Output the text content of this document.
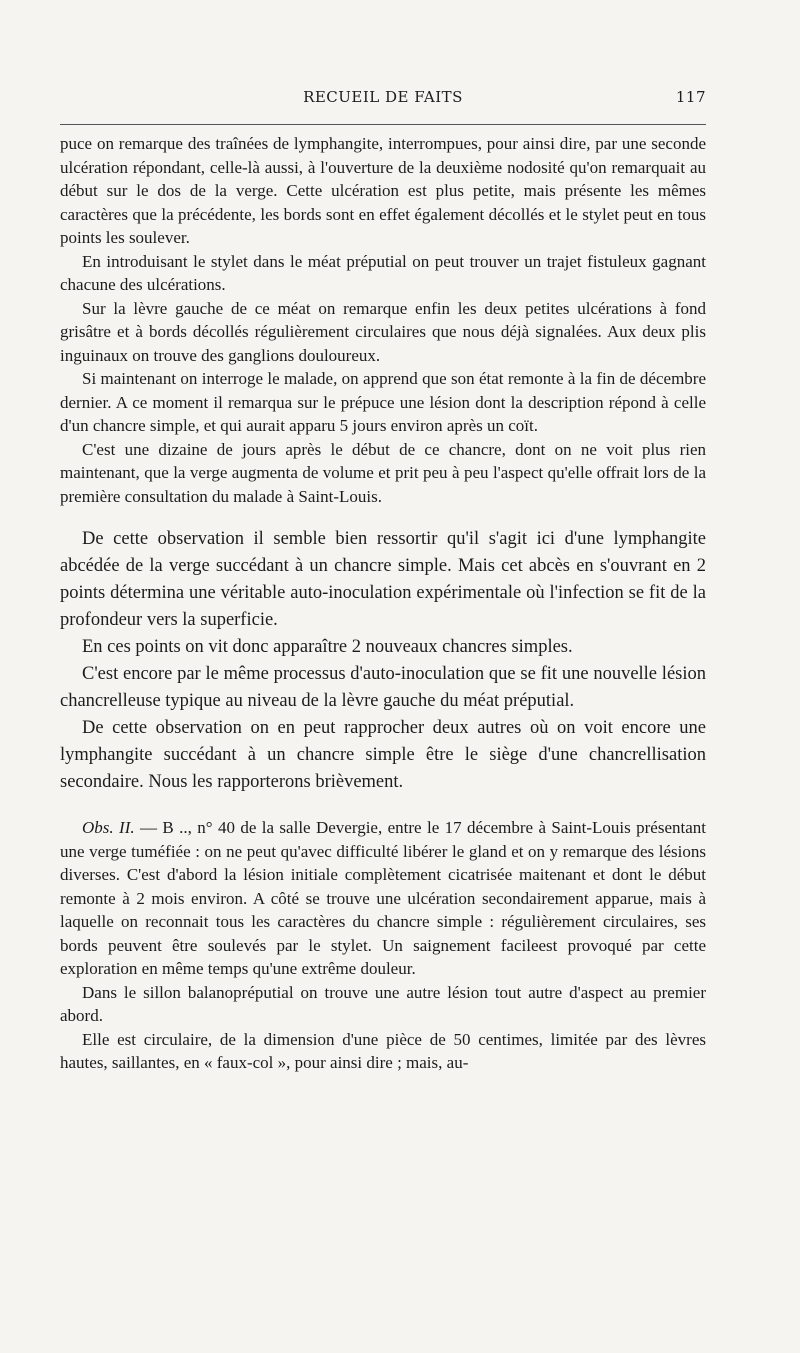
RECUEIL DE FAITS	117

puce on remarque des traînées de lymphangite, interrompues, pour ainsi dire, par une seconde ulcération répondant, celle-là aussi, à l'ouverture de la deuxième nodosité qu'on remarquait au début sur le dos de la verge. Cette ulcération est plus petite, mais présente les mêmes caractères que la précédente, les bords sont en effet également décollés et le stylet peut en tous points les soulever.

En introduisant le stylet dans le méat préputial on peut trouver un trajet fistuleux gagnant chacune des ulcérations.

Sur la lèvre gauche de ce méat on remarque enfin les deux petites ulcérations à fond grisâtre et à bords décollés régulièrement circulaires que nous déjà signalées. Aux deux plis inguinaux on trouve des ganglions douloureux.

Si maintenant on interroge le malade, on apprend que son état remonte à la fin de décembre dernier. A ce moment il remarqua sur le prépuce une lésion dont la description répond à celle d'un chancre simple, et qui aurait apparu 5 jours environ après un coït.

C'est une dizaine de jours après le début de ce chancre, dont on ne voit plus rien maintenant, que la verge augmenta de volume et prit peu à peu l'aspect qu'elle offrait lors de la première consultation du malade à Saint-Louis.

De cette observation il semble bien ressortir qu'il s'agit ici d'une lymphangite abcédée de la verge succédant à un chancre simple. Mais cet abcès en s'ouvrant en 2 points détermina une véritable auto-inoculation expérimentale où l'infection se fit de la profondeur vers la superficie.

En ces points on vit donc apparaître 2 nouveaux chancres simples.

C'est encore par le même processus d'auto-inoculation que se fit une nouvelle lésion chancrelleuse typique au niveau de la lèvre gauche du méat préputial.

De cette observation on en peut rapprocher deux autres où on voit encore une lymphangite succédant à un chancre simple être le siège d'une chancrellisation secondaire. Nous les rapporterons brièvement.

Obs. II. — B .., n° 40 de la salle Devergie, entre le 17 décembre à Saint-Louis présentant une verge tuméfiée : on ne peut qu'avec difficulté libérer le gland et on y remarque des lésions diverses. C'est d'abord la lésion initiale complètement cicatrisée maitenant et dont le début remonte à 2 mois environ. A côté se trouve une ulcération secondairement apparue, mais à laquelle on reconnait tous les caractères du chancre simple : régulièrement circulaires, ses bords peuvent être soulevés par le stylet. Un saignement facileest provoqué par cette exploration en même temps qu'une extrême douleur.

Dans le sillon balanopréputial on trouve une autre lésion tout autre d'aspect au premier abord.

Elle est circulaire, de la dimension d'une pièce de 50 centimes, limitée par des lèvres hautes, saillantes, en « faux-col », pour ainsi dire ; mais, au-
